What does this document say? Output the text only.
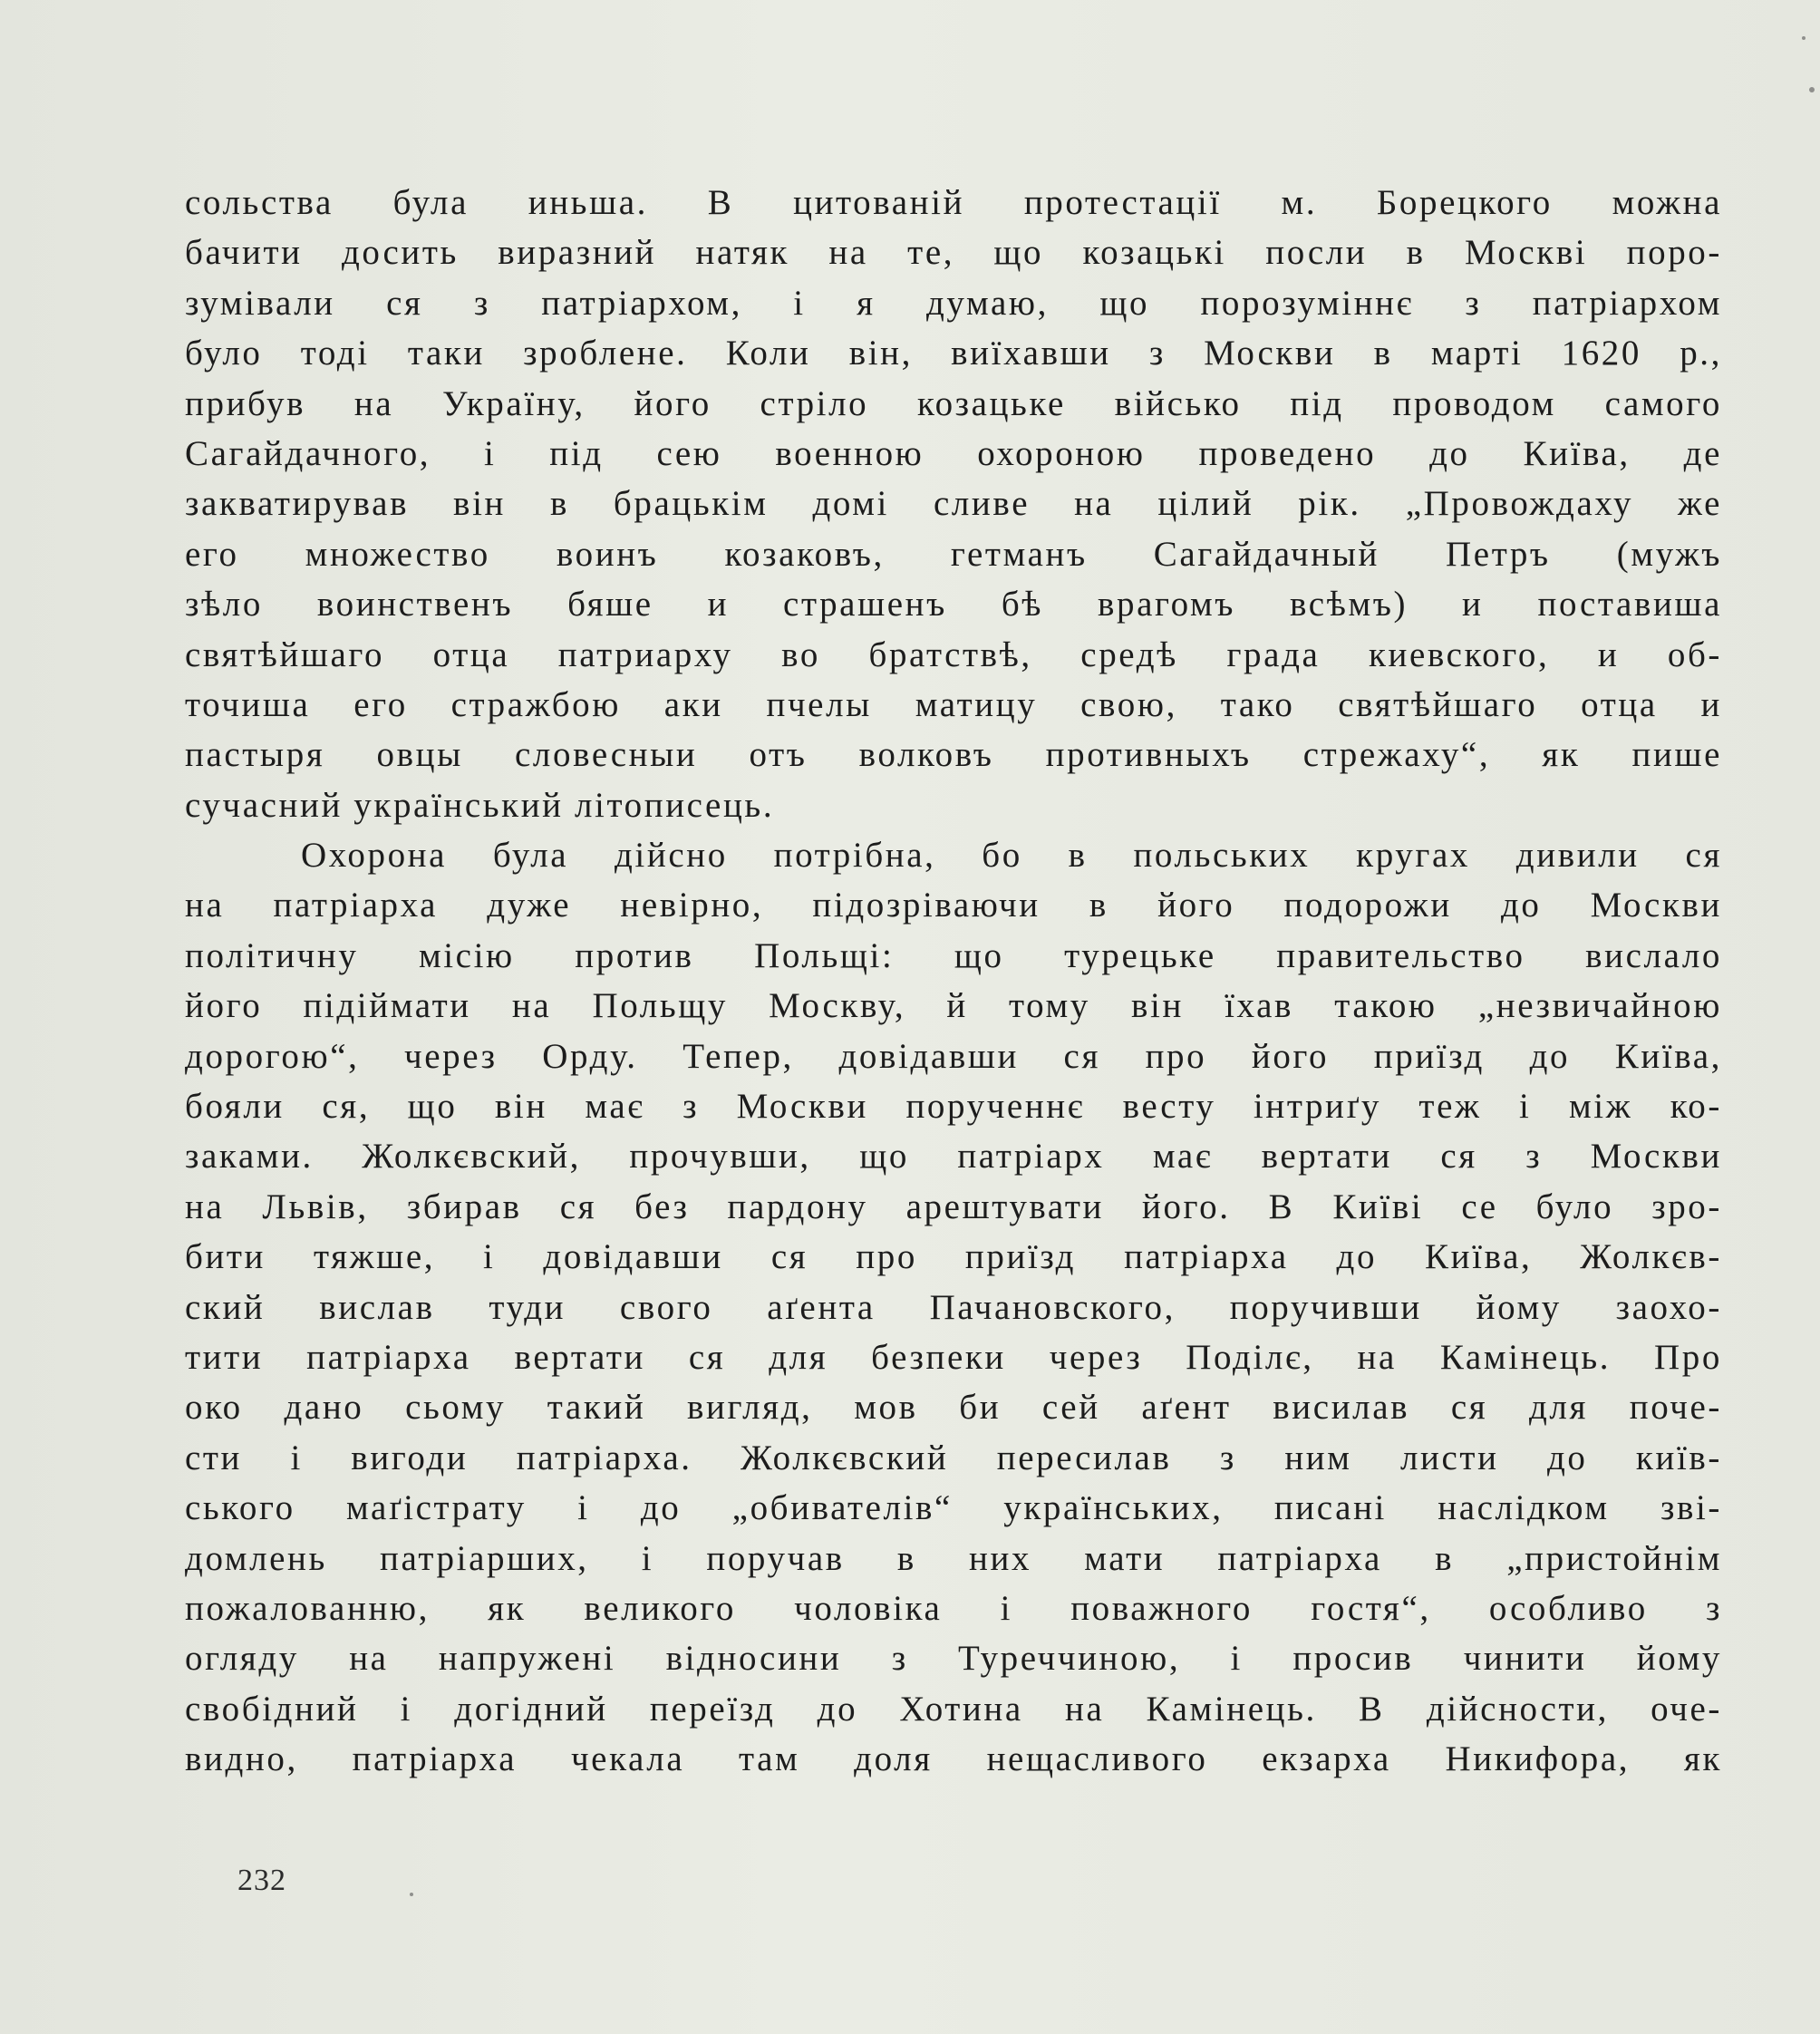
сольства була иньша. В цитованій протестації м. Борецкого можна
бачити досить виразний натяк на те, що козацькі посли в Москві поро-
зумівали ся з патріархом, і я думаю, що порозуміннє з патріархом
було тоді таки зроблене. Коли він, виїхавши з Москви в марті 1620 р.,
прибув на Україну, його стріло козацьке військо під проводом самого
Сагайдачного, і під сею военною охороною проведено до Київа, де
закватирував він в брацькім домі сливе на цілий рік. „Провождаху же
его множество воинъ козаковъ, гетманъ Сагайдачный Петръ (мужъ
зѣло воинственъ бяше и страшенъ бѣ врагомъ всѣмъ) и поставиша
святѣйшаго отца патриарху во братствѣ, средѣ града киевского, и об-
точиша его стражбою аки пчелы матицу свою, тако святѣйшаго отца и
пастыря овцы словесныи отъ волковъ противныхъ стрежаху“, як пише
сучасний український літописець.
Охорона була дійсно потрібна, бо в польських кругах дивили ся
на патріарха дуже невірно, підозріваючи в його подорожи до Москви
політичну місію против Польщі: що турецьке правительство вислало
його підіймати на Польщу Москву, й тому він їхав такою „незвичайною
дорогою“, через Орду. Тепер, довідавши ся про його приїзд до Київа,
бояли ся, що він має з Москви порученнє весту інтриґу теж і між ко-
заками. Жолкєвский, прочувши, що патріарх має вертати ся з Москви
на Львів, збирав ся без пардону арештувати його. В Київі се було зро-
бити тяжше, і довідавши ся про приїзд патріарха до Київа, Жолкєв-
ский вислав туди свого аґента Пачановского, поручивши йому заохо-
тити патріарха вертати ся для безпеки через Поділє, на Камінець. Про
око дано сьому такий вигляд, мов би сей аґент висилав ся для поче-
сти і вигоди патріарха. Жолкєвский пересилав з ним листи до київ-
ського маґістрату і до „обивателів“ українських, писані наслідком зві-
домлень патріарших, і поручав в них мати патріарха в „пристойнім
пожалованню, як великого чоловіка і поважного гостя“, особливо з
огляду на напружені відносини з Туреччиною, і просив чинити йому
свобідний і догідний переїзд до Хотина на Камінець. В дійсности, оче-
видно, патріарха чекала там доля нещасливого екзарха Никифора, як
232
